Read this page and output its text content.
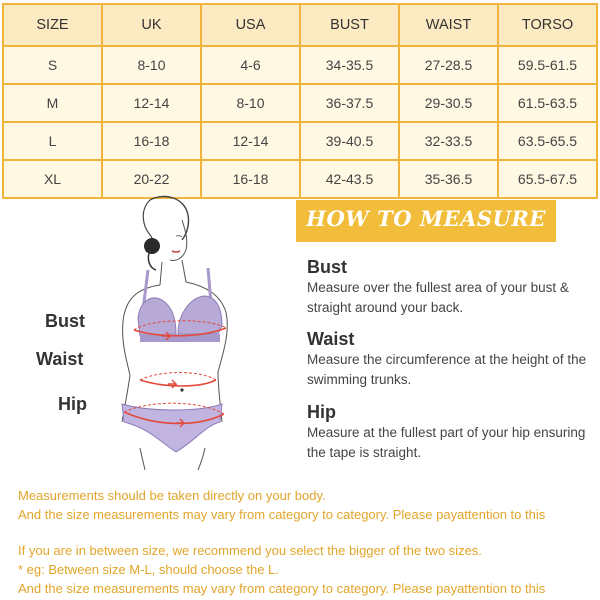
SIZE	UK	USA	BUST	WAIST	TORSO
S	8-10	4-6	34-35.5	27-28.5	59.5-61.5
M	12-14	8-10	36-37.5	29-30.5	61.5-63.5
L	16-18	12-14	39-40.5	32-33.5	63.5-65.5
XL	20-22	16-18	42-43.5	35-36.5	65.5-67.5
Bust
Waist
Hip
HOW TO MEASURE
Bust
Measure over the fullest area of your bust & straight around your back.
Waist
Measure the circumference at the height of the swimming trunks.
Hip
Measure at the fullest part of your hip ensuring the tape is straight.
Measurements should be taken directly on your body.
And the size measurements may vary from category to category. Please payattention to this
If you are in between size, we recommend you select the bigger of the two sizes.
* eg: Between size M-L, should choose the L.
And the size measurements may vary from category to category. Please payattention to this
